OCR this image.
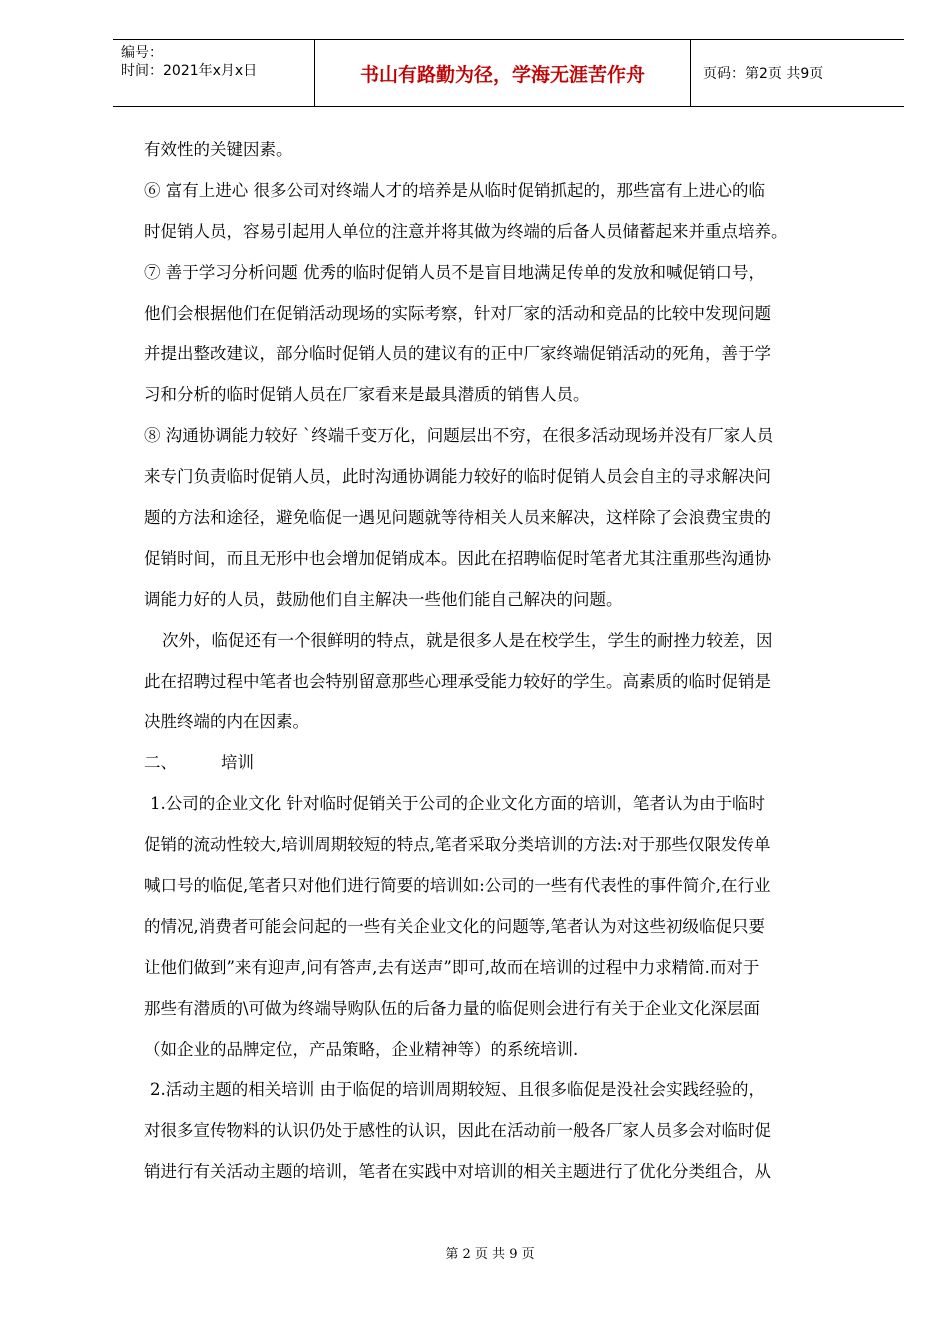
编号：
时间：2021年x月x日	书山有路勤为径，学海无涯苦作舟	页码：第2页 共9页
有效性的关键因素。
⑥ 富有上进心 很多公司对终端人才的培养是从临时促销抓起的，那些富有上进心的临
时促销人员，容易引起用人单位的注意并将其做为终端的后备人员储蓄起来并重点培养。
⑦ 善于学习分析问题 优秀的临时促销人员不是盲目地满足传单的发放和喊促销口号，
他们会根据他们在促销活动现场的实际考察，针对厂家的活动和竞品的比较中发现问题
并提出整改建议，部分临时促销人员的建议有的正中厂家终端促销活动的死角，善于学
习和分析的临时促销人员在厂家看来是最具潜质的销售人员。
⑧ 沟通协调能力较好 `终端千变万化，问题层出不穷，在很多活动现场并没有厂家人员
来专门负责临时促销人员，此时沟通协调能力较好的临时促销人员会自主的寻求解决问
题的方法和途径，避免临促一遇见问题就等待相关人员来解决，这样除了会浪费宝贵的
促销时间，而且无形中也会增加促销成本。因此在招聘临促时笔者尤其注重那些沟通协
调能力好的人员，鼓励他们自主解决一些他们能自己解决的问题。
次外，临促还有一个很鲜明的特点，就是很多人是在校学生，学生的耐挫力较差，因
此在招聘过程中笔者也会特别留意那些心理承受能力较好的学生。高素质的临时促销是
决胜终端的内在因素。
二、	培训
1.公司的企业文化 针对临时促销关于公司的企业文化方面的培训，笔者认为由于临时
促销的流动性较大,培训周期较短的特点,笔者采取分类培训的方法:对于那些仅限发传单
喊口号的临促,笔者只对他们进行简要的培训如:公司的一些有代表性的事件简介,在行业
的情况,消费者可能会问起的一些有关企业文化的问题等,笔者认为对这些初级临促只要
让他们做到”来有迎声,问有答声,去有送声”即可,故而在培训的过程中力求精简.而对于
那些有潜质的\可做为终端导购队伍的后备力量的临促则会进行有关于企业文化深层面
（如企业的品牌定位，产品策略，企业精神等）的系统培训.
2.活动主题的相关培训 由于临促的培训周期较短、且很多临促是没社会实践经验的，
对很多宣传物料的认识仍处于感性的认识，因此在活动前一般各厂家人员多会对临时促
销进行有关活动主题的培训，笔者在实践中对培训的相关主题进行了优化分类组合，从
第 2 页 共 9 页
